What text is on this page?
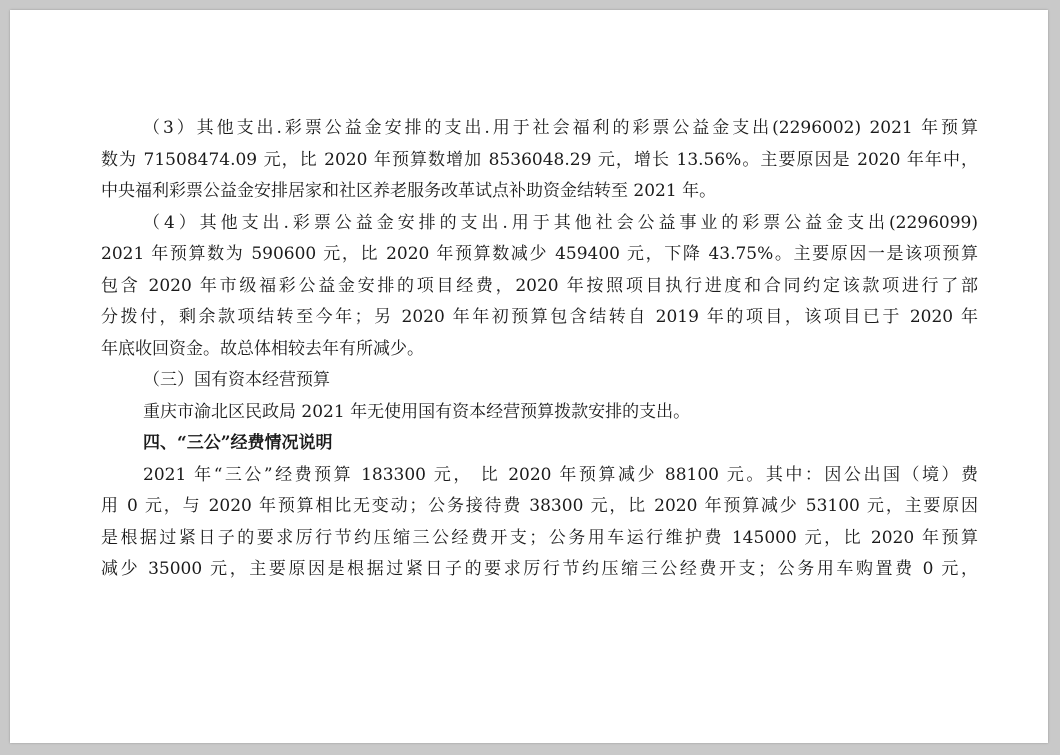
（3）其他支出.彩票公益金安排的支出.用于社会福利的彩票公益金支出(2296002) 2021 年预算
数为 71508474.09 元，比 2020 年预算数增加 8536048.29 元，增长 13.56%。主要原因是 2020 年年中，
中央福利彩票公益金安排居家和社区养老服务改革试点补助资金结转至 2021 年。
（4）其他支出.彩票公益金安排的支出.用于其他社会公益事业的彩票公益金支出(2296099)
2021 年预算数为 590600 元，比 2020 年预算数减少 459400 元，下降 43.75%。主要原因一是该项预算
包含 2020 年市级福彩公益金安排的项目经费，2020 年按照项目执行进度和合同约定该款项进行了部
分拨付，剩余款项结转至今年；另 2020 年年初预算包含结转自 2019 年的项目，该项目已于 2020 年
年底收回资金。故总体相较去年有所减少。
（三）国有资本经营预算
重庆市渝北区民政局 2021 年无使用国有资本经营预算拨款安排的支出。
四、“三公”经费情况说明
2021 年“三公”经费预算 183300 元， 比 2020 年预算减少 88100 元。其中：因公出国（境）费
用 0 元，与 2020 年预算相比无变动；公务接待费 38300 元，比 2020 年预算减少 53100 元，主要原因
是根据过紧日子的要求厉行节约压缩三公经费开支；公务用车运行维护费 145000 元，比 2020 年预算
减少 35000 元，主要原因是根据过紧日子的要求厉行节约压缩三公经费开支；公务用车购置费 0 元，
